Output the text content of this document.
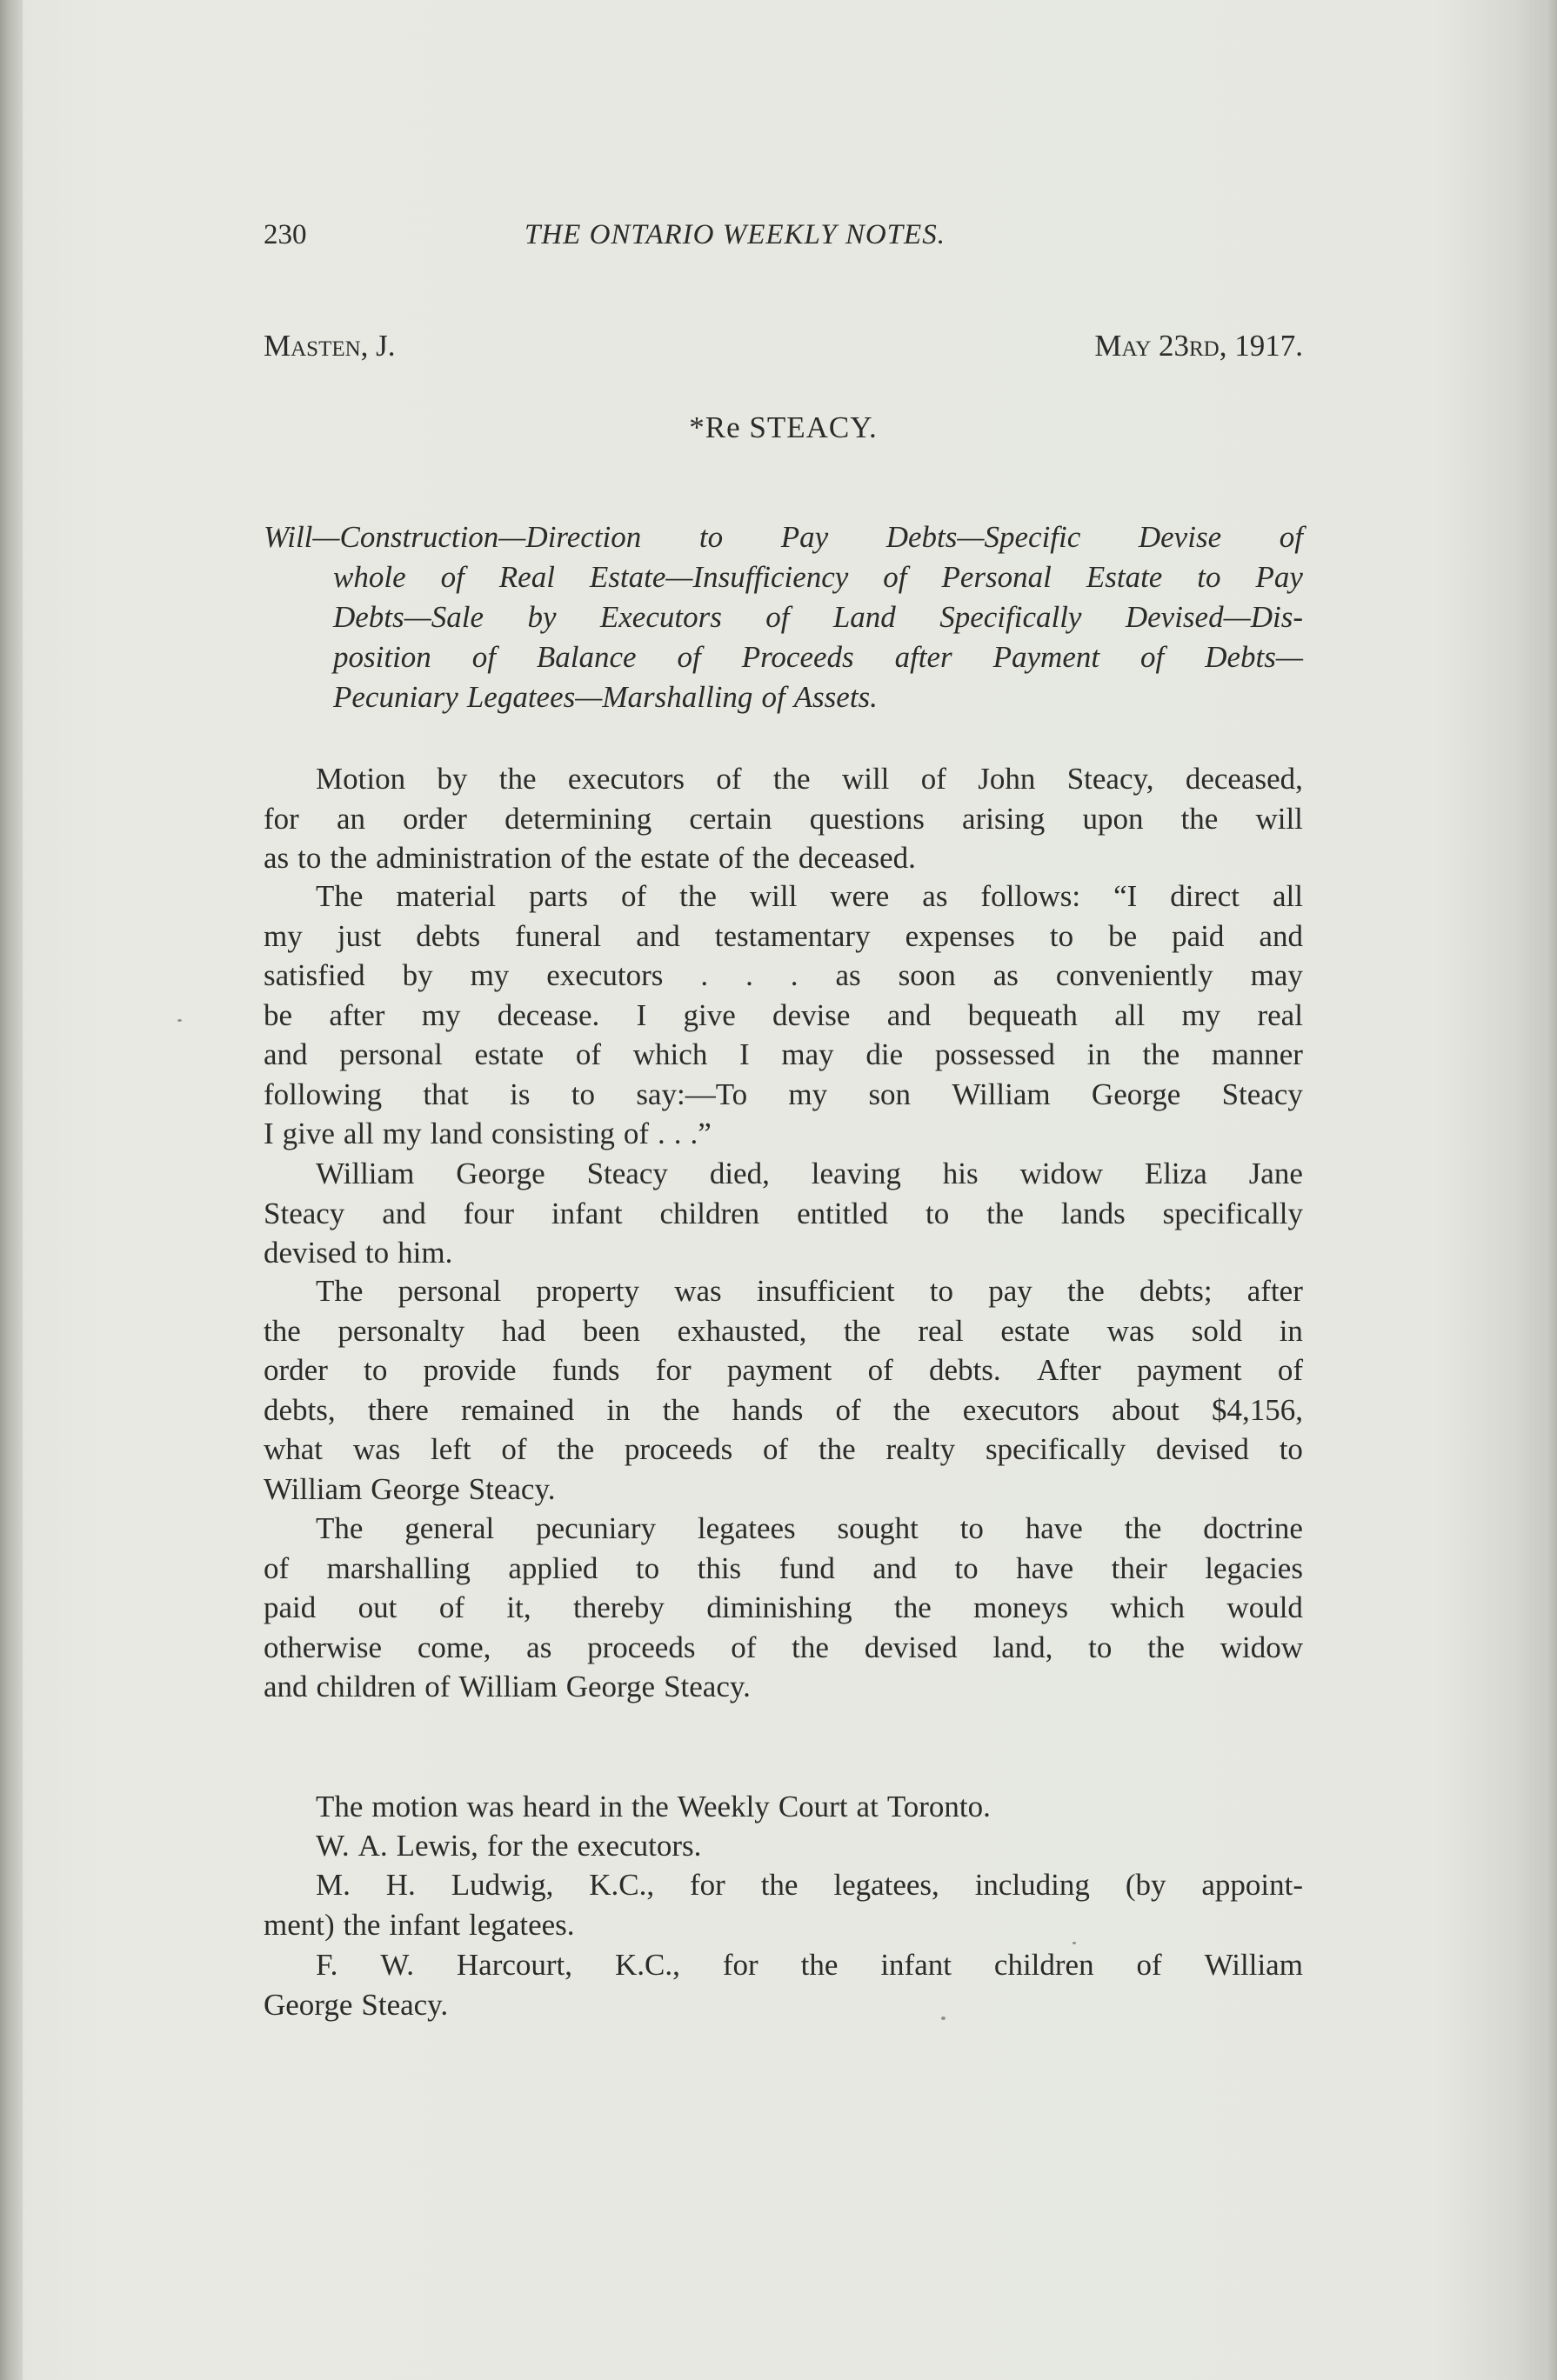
230	THE ONTARIO WEEKLY NOTES.
Masten, J.	May 23rd, 1917.
*Re STEACY.
Will—Construction—Direction to Pay Debts—Specific Devise of
whole of Real Estate—Insufficiency of Personal Estate to Pay
Debts—Sale by Executors of Land Specifically Devised—Dis-
position of Balance of Proceeds after Payment of Debts—
Pecuniary Legatees—Marshalling of Assets.
Motion by the executors of the will of John Steacy, deceased,
for an order determining certain questions arising upon the will
as to the administration of the estate of the deceased.
The material parts of the will were as follows: “I direct all
my just debts funeral and testamentary expenses to be paid and
satisfied by my executors . . . as soon as conveniently may
be after my decease. I give devise and bequeath all my real
and personal estate of which I may die possessed in the manner
following that is to say:—To my son William George Steacy
I give all my land consisting of . . .”
William George Steacy died, leaving his widow Eliza Jane
Steacy and four infant children entitled to the lands specifically
devised to him.
The personal property was insufficient to pay the debts; after
the personalty had been exhausted, the real estate was sold in
order to provide funds for payment of debts. After payment of
debts, there remained in the hands of the executors about $4,156,
what was left of the proceeds of the realty specifically devised to
William George Steacy.
The general pecuniary legatees sought to have the doctrine
of marshalling applied to this fund and to have their legacies
paid out of it, thereby diminishing the moneys which would
otherwise come, as proceeds of the devised land, to the widow
and children of William George Steacy.
The motion was heard in the Weekly Court at Toronto.
W. A. Lewis, for the executors.
M. H. Ludwig, K.C., for the legatees, including (by appoint-
ment) the infant legatees.
F. W. Harcourt, K.C., for the infant children of William
George Steacy.
